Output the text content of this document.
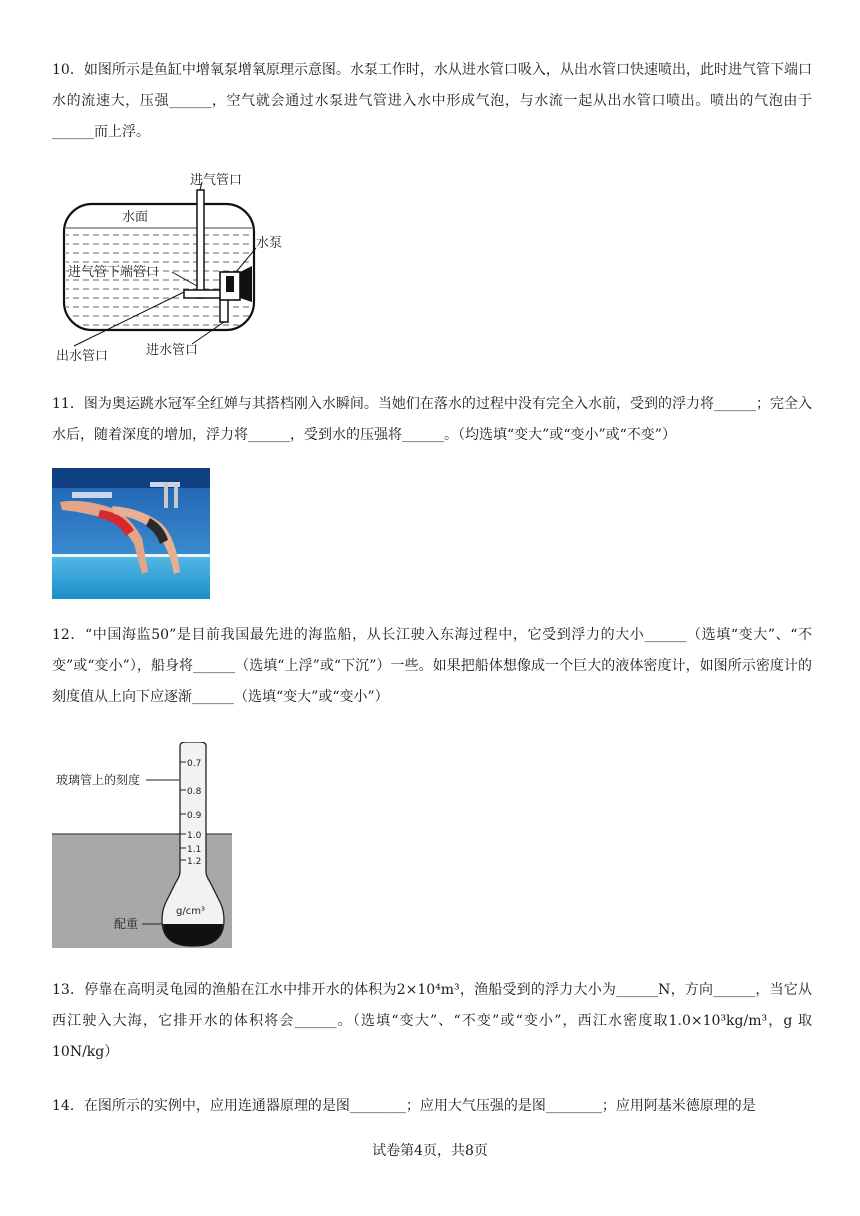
10．如图所示是鱼缸中增氧泵增氧原理示意图。水泵工作时，水从进水管口吸入，从出水管口快速喷出，此时进气管下端口水的流速大，压强______，空气就会通过水泵进气管进入水中形成气泡，与水流一起从出水管口喷出。喷出的气泡由于______而上浮。
进气管口
水面
水泵
进气管下端管口
出水管口	进水管口
11．图为奥运跳水冠军全红婵与其搭档刚入水瞬间。当她们在落水的过程中没有完全入水前，受到的浮力将______；完全入水后，随着深度的增加，浮力将______，受到水的压强将______。（均选填“变大”或“变小”或“不变”）
12．“中国海监50”是目前我国最先进的海监船，从长江驶入东海过程中，它受到浮力的大小______（选填“变大”、“不变”或“变小”），船身将______（选填“上浮”或“下沉”）一些。如果把船体想像成一个巨大的液体密度计，如图所示密度计的刻度值从上向下应逐渐______（选填“变大”或“变小”）
0.7
0.8
0.9
1.0
1.1
1.2
g/cm³
玻璃管上的刻度
配重
13．停靠在高明灵龟园的渔船在江水中排开水的体积为2×10⁴m³，渔船受到的浮力大小为______N，方向______，当它从西江驶入大海，它排开水的体积将会______。（选填“变大”、“不变”或“变小”，西江水密度取1.0×10³kg/m³，g 取 10N/kg）
14．在图所示的实例中，应用连通器原理的是图________；应用大气压强的是图________；应用阿基米德原理的是
试卷第4页，共8页
